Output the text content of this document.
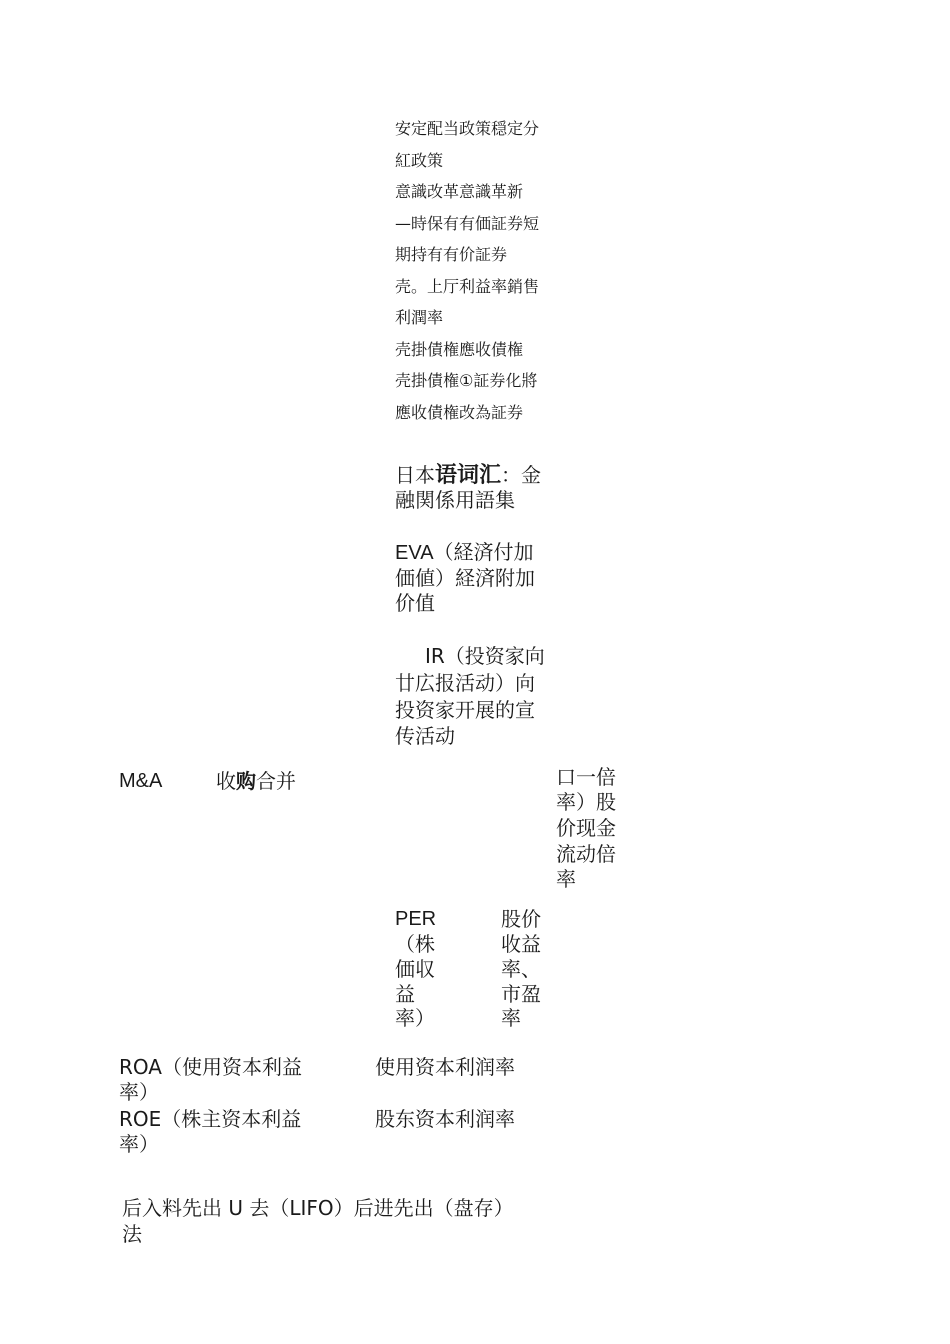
安定配当政策穏定分
紅政策
意識改革意識革新
—時保有有価証券短
期持有有价証券
壳。上厅利益率銷售
利潤率
壳掛債権應收債権
壳掛債権①証券化將
應收債権改為証券
日本语词汇：金
融関係用語集
EVA（経済付加
価値）経済附加
价值
IR（投资家向
廿広报活动）向
投资家开展的宣
传活动
M&A	收购合并	口一倍
率）股
价现金
流动倍
率
PER
（株
価収
益
率）
股价
收益
率、
市盈
率
ROA（使用资本利益
率）
使用资本利润率
ROE（株主资本利益
率）
股东资本利润率
后入料先出 U 去（LIFO）后进先出（盘存）
法
